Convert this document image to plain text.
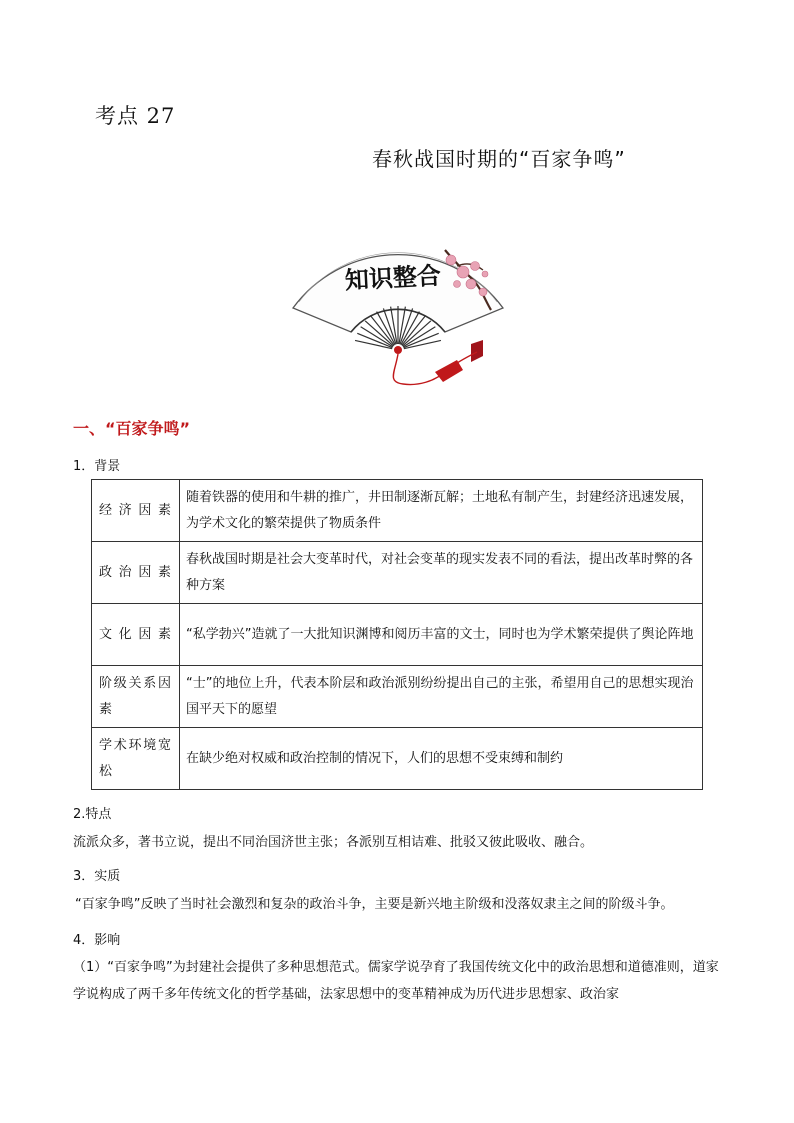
考点 27
春秋战国时期的“百家争鸣”
知识整合
一、“百家争鸣”
1．背景
经济因素	随着铁器的使用和牛耕的推广，井田制逐渐瓦解；土地私有制产生，封建经济迅速发展，为学术文化的繁荣提供了物质条件
政治因素	春秋战国时期是社会大变革时代，对社会变革的现实发表不同的看法，提出改革时弊的各种方案
文化因素	“私学勃兴”造就了一大批知识渊博和阅历丰富的文士，同时也为学术繁荣提供了舆论阵地
阶级关系因素	“士”的地位上升，代表本阶层和政治派别纷纷提出自己的主张，希望用自己的思想实现治国平天下的愿望
学术环境宽松	在缺少绝对权威和政治控制的情况下，人们的思想不受束缚和制约
2.特点
流派众多，著书立说，提出不同治国济世主张；各派别互相诘难、批驳又彼此吸收、融合。
3．实质
“百家争鸣”反映了当时社会激烈和复杂的政治斗争，主要是新兴地主阶级和没落奴隶主之间的阶级斗争。
4．影响
（1）“百家争鸣”为封建社会提供了多种思想范式。儒家学说孕育了我国传统文化中的政治思想和道德准则，道家学说构成了两千多年传统文化的哲学基础，法家思想中的变革精神成为历代进步思想家、政治家
